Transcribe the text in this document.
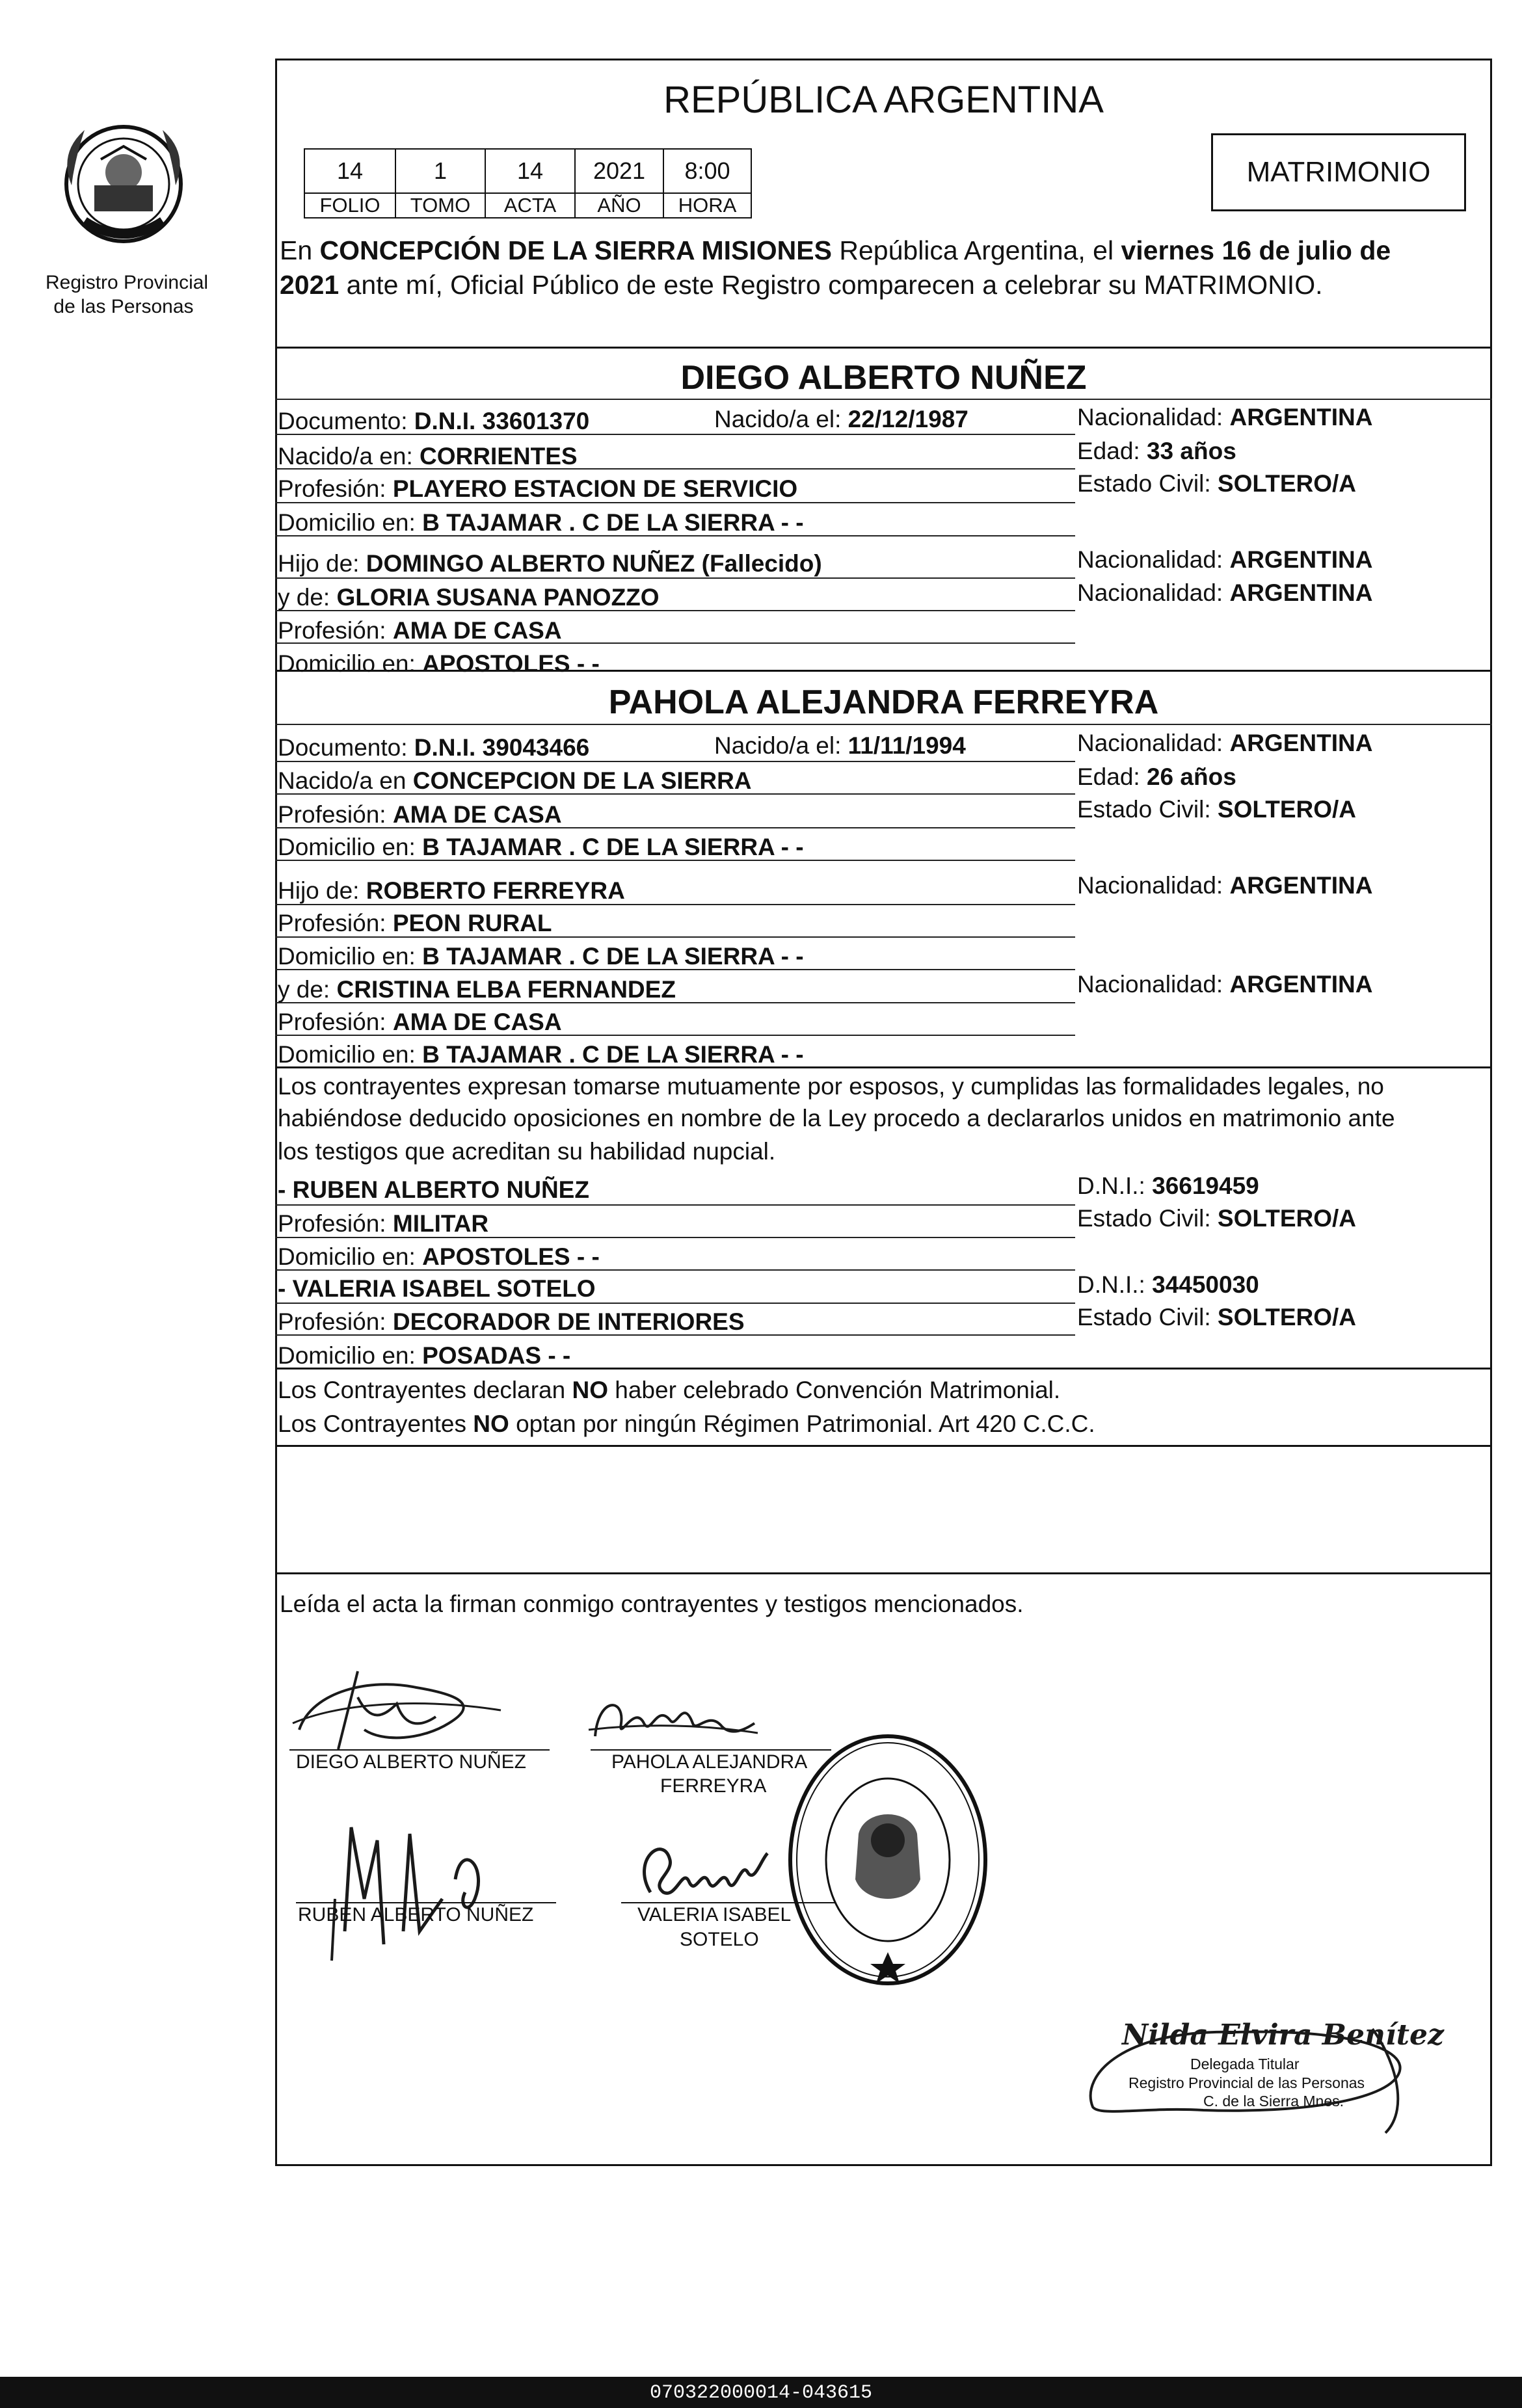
Registro Provincial
de las Personas
REPÚBLICA ARGENTINA
14	1	14	2021	8:00
FOLIO	TOMO	ACTA	AÑO	HORA
MATRIMONIO
En CONCEPCIÓN DE LA SIERRA MISIONES República Argentina, el viernes 16 de julio de
2021 ante mí, Oficial Público de este Registro comparecen a celebrar su MATRIMONIO.
DIEGO ALBERTO NUÑEZ
Documento: D.N.I. 33601370	Nacido/a el: 22/12/1987	Nacionalidad: ARGENTINA
Nacido/a en: CORRIENTES	Edad: 33 años
Profesión: PLAYERO ESTACION DE SERVICIO	Estado Civil: SOLTERO/A
Domicilio en: B TAJAMAR . C DE LA SIERRA - -
Hijo de: DOMINGO ALBERTO NUÑEZ (Fallecido)	Nacionalidad: ARGENTINA
y de: GLORIA SUSANA PANOZZO	Nacionalidad: ARGENTINA
Profesión: AMA DE CASA
Domicilio en: APOSTOLES - -
PAHOLA ALEJANDRA FERREYRA
Documento: D.N.I. 39043466	Nacido/a el: 11/11/1994	Nacionalidad: ARGENTINA
Nacido/a en CONCEPCION DE LA SIERRA	Edad: 26 años
Profesión: AMA DE CASA	Estado Civil: SOLTERO/A
Domicilio en: B TAJAMAR . C DE LA SIERRA - -
Hijo de: ROBERTO FERREYRA	Nacionalidad: ARGENTINA
Profesión: PEON RURAL
Domicilio en: B TAJAMAR . C DE LA SIERRA - -
y de: CRISTINA ELBA FERNANDEZ	Nacionalidad: ARGENTINA
Profesión: AMA DE CASA
Domicilio en: B TAJAMAR . C DE LA SIERRA - -
Los contrayentes expresan tomarse mutuamente por esposos, y cumplidas las formalidades legales, no
habiéndose deducido oposiciones en nombre de la Ley procedo a declararlos unidos en matrimonio ante
los testigos que acreditan su habilidad nupcial.
- RUBEN ALBERTO NUÑEZ	D.N.I.: 36619459
Profesión: MILITAR	Estado Civil: SOLTERO/A
Domicilio en: APOSTOLES - -
- VALERIA ISABEL SOTELO	D.N.I.: 34450030
Profesión: DECORADOR DE INTERIORES	Estado Civil: SOLTERO/A
Domicilio en: POSADAS - -
Los Contrayentes declaran NO haber celebrado Convención Matrimonial.
Los Contrayentes NO optan por ningún Régimen Patrimonial. Art 420 C.C.C.
Leída el acta la firman conmigo contrayentes y testigos mencionados.
DIEGO ALBERTO NUÑEZ	PAHOLA ALEJANDRA
FERREYRA
RUBEN ALBERTO NUÑEZ	VALERIA ISABEL
SOTELO
Nilda Elvira Benítez
Delegada Titular
Registro Provincial de las Personas
C. de la Sierra Mnes.
070322000014-043615
